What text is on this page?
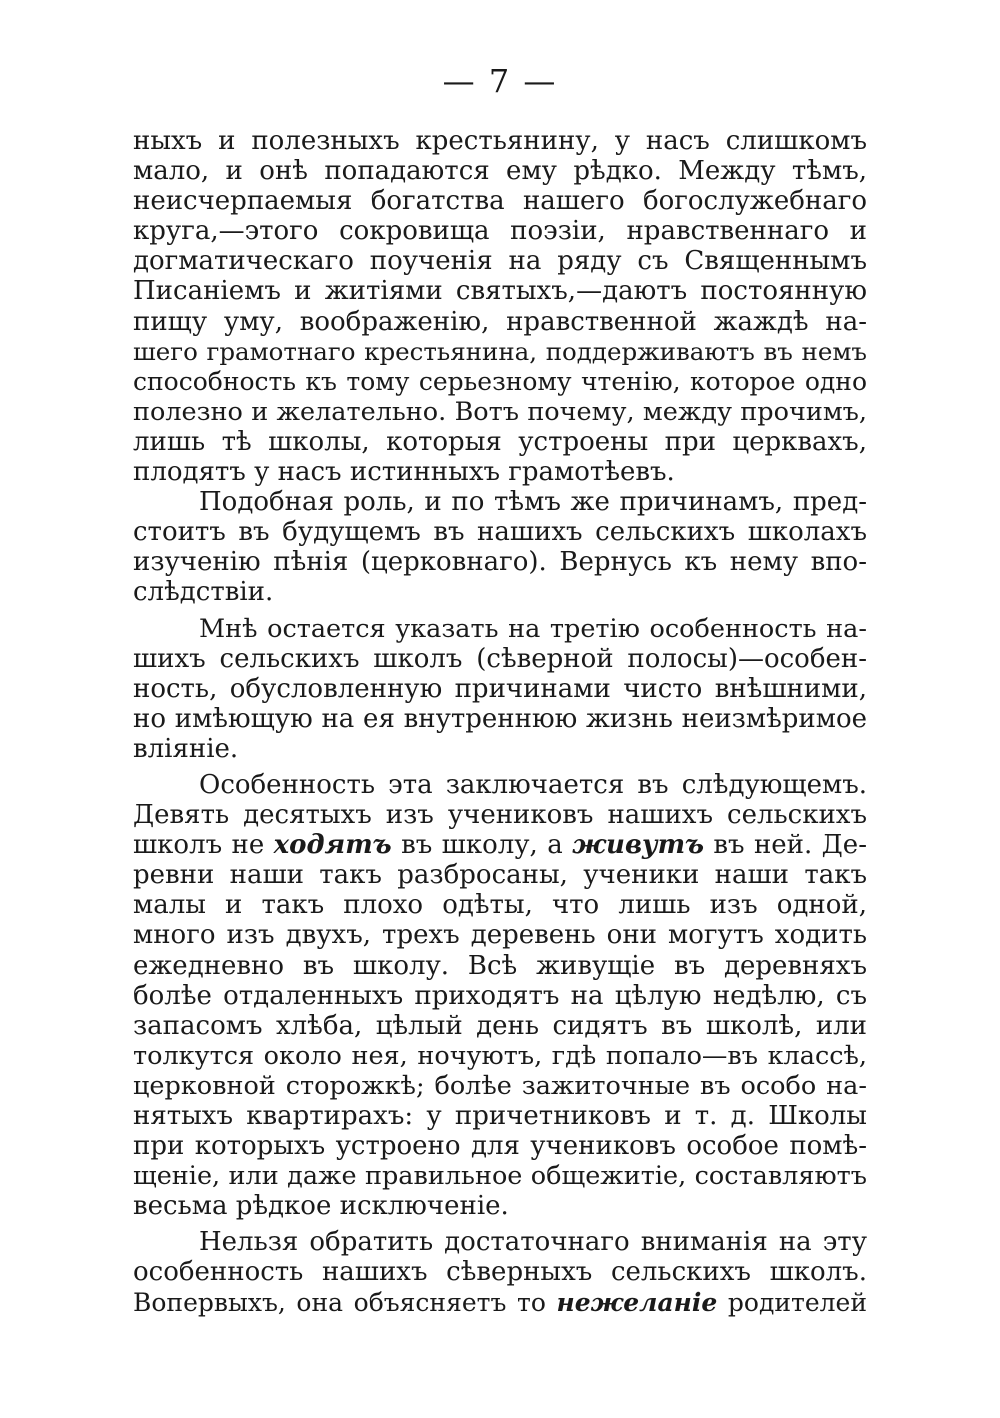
— 7 —
ныхъ и полезныхъ крестьянину, у насъ слишкомъ
мало, и онѣ попадаются ему рѣдко. Между тѣмъ,
неисчерпаемыя богатства нашего богослужебнаго
круга,—этого сокровища поэзіи, нравственнаго и
догматическаго поученія на ряду съ Священнымъ
Писаніемъ и житіями святыхъ,—даютъ постоянную
пищу уму, воображенію, нравственной жаждѣ на-
шего грамотнаго крестьянина, поддерживаютъ въ немъ
способность къ тому серьезному чтенію, которое одно
полезно и желательно. Вотъ почему, между прочимъ,
лишь тѣ школы, которыя устроены при церквахъ,
плодятъ у насъ истинныхъ грамотѣевъ.
Подобная роль, и по тѣмъ же причинамъ, пред-
стоитъ въ будущемъ въ нашихъ сельскихъ школахъ
изученію пѣнія (церковнаго). Вернусь къ нему впо-
слѣдствіи.
Мнѣ остается указать на третію особенность на-
шихъ сельскихъ школъ (сѣверной полосы)—особен-
ность, обусловленную причинами чисто внѣшними,
но имѣющую на ея внутреннюю жизнь неизмѣримое
вліяніе.
Особенность эта заключается въ слѣдующемъ.
Девять десятыхъ изъ учениковъ нашихъ сельскихъ
школъ не ходятъ въ школу, а живутъ въ ней. Де-
ревни наши такъ разбросаны, ученики наши такъ
малы и такъ плохо одѣты, что лишь изъ одной,
много изъ двухъ, трехъ деревень они могутъ ходить
ежедневно въ школу. Всѣ живущіе въ деревняхъ
болѣе отдаленныхъ приходятъ на цѣлую недѣлю, съ
запасомъ хлѣба, цѣлый день сидятъ въ школѣ, или
толкутся около нея, ночуютъ, гдѣ попало—въ классѣ,
церковной сторожкѣ; болѣе зажиточные въ особо на-
нятыхъ квартирахъ: у причетниковъ и т. д. Школы
при которыхъ устроено для учениковъ особое помѣ-
щеніе, или даже правильное общежитіе, составляютъ
весьма рѣдкое исключеніе.
Нельзя обратить достаточнаго вниманія на эту
особенность нашихъ сѣверныхъ сельскихъ школъ.
Вопервыхъ, она объясняетъ то нежеланіе родителей
